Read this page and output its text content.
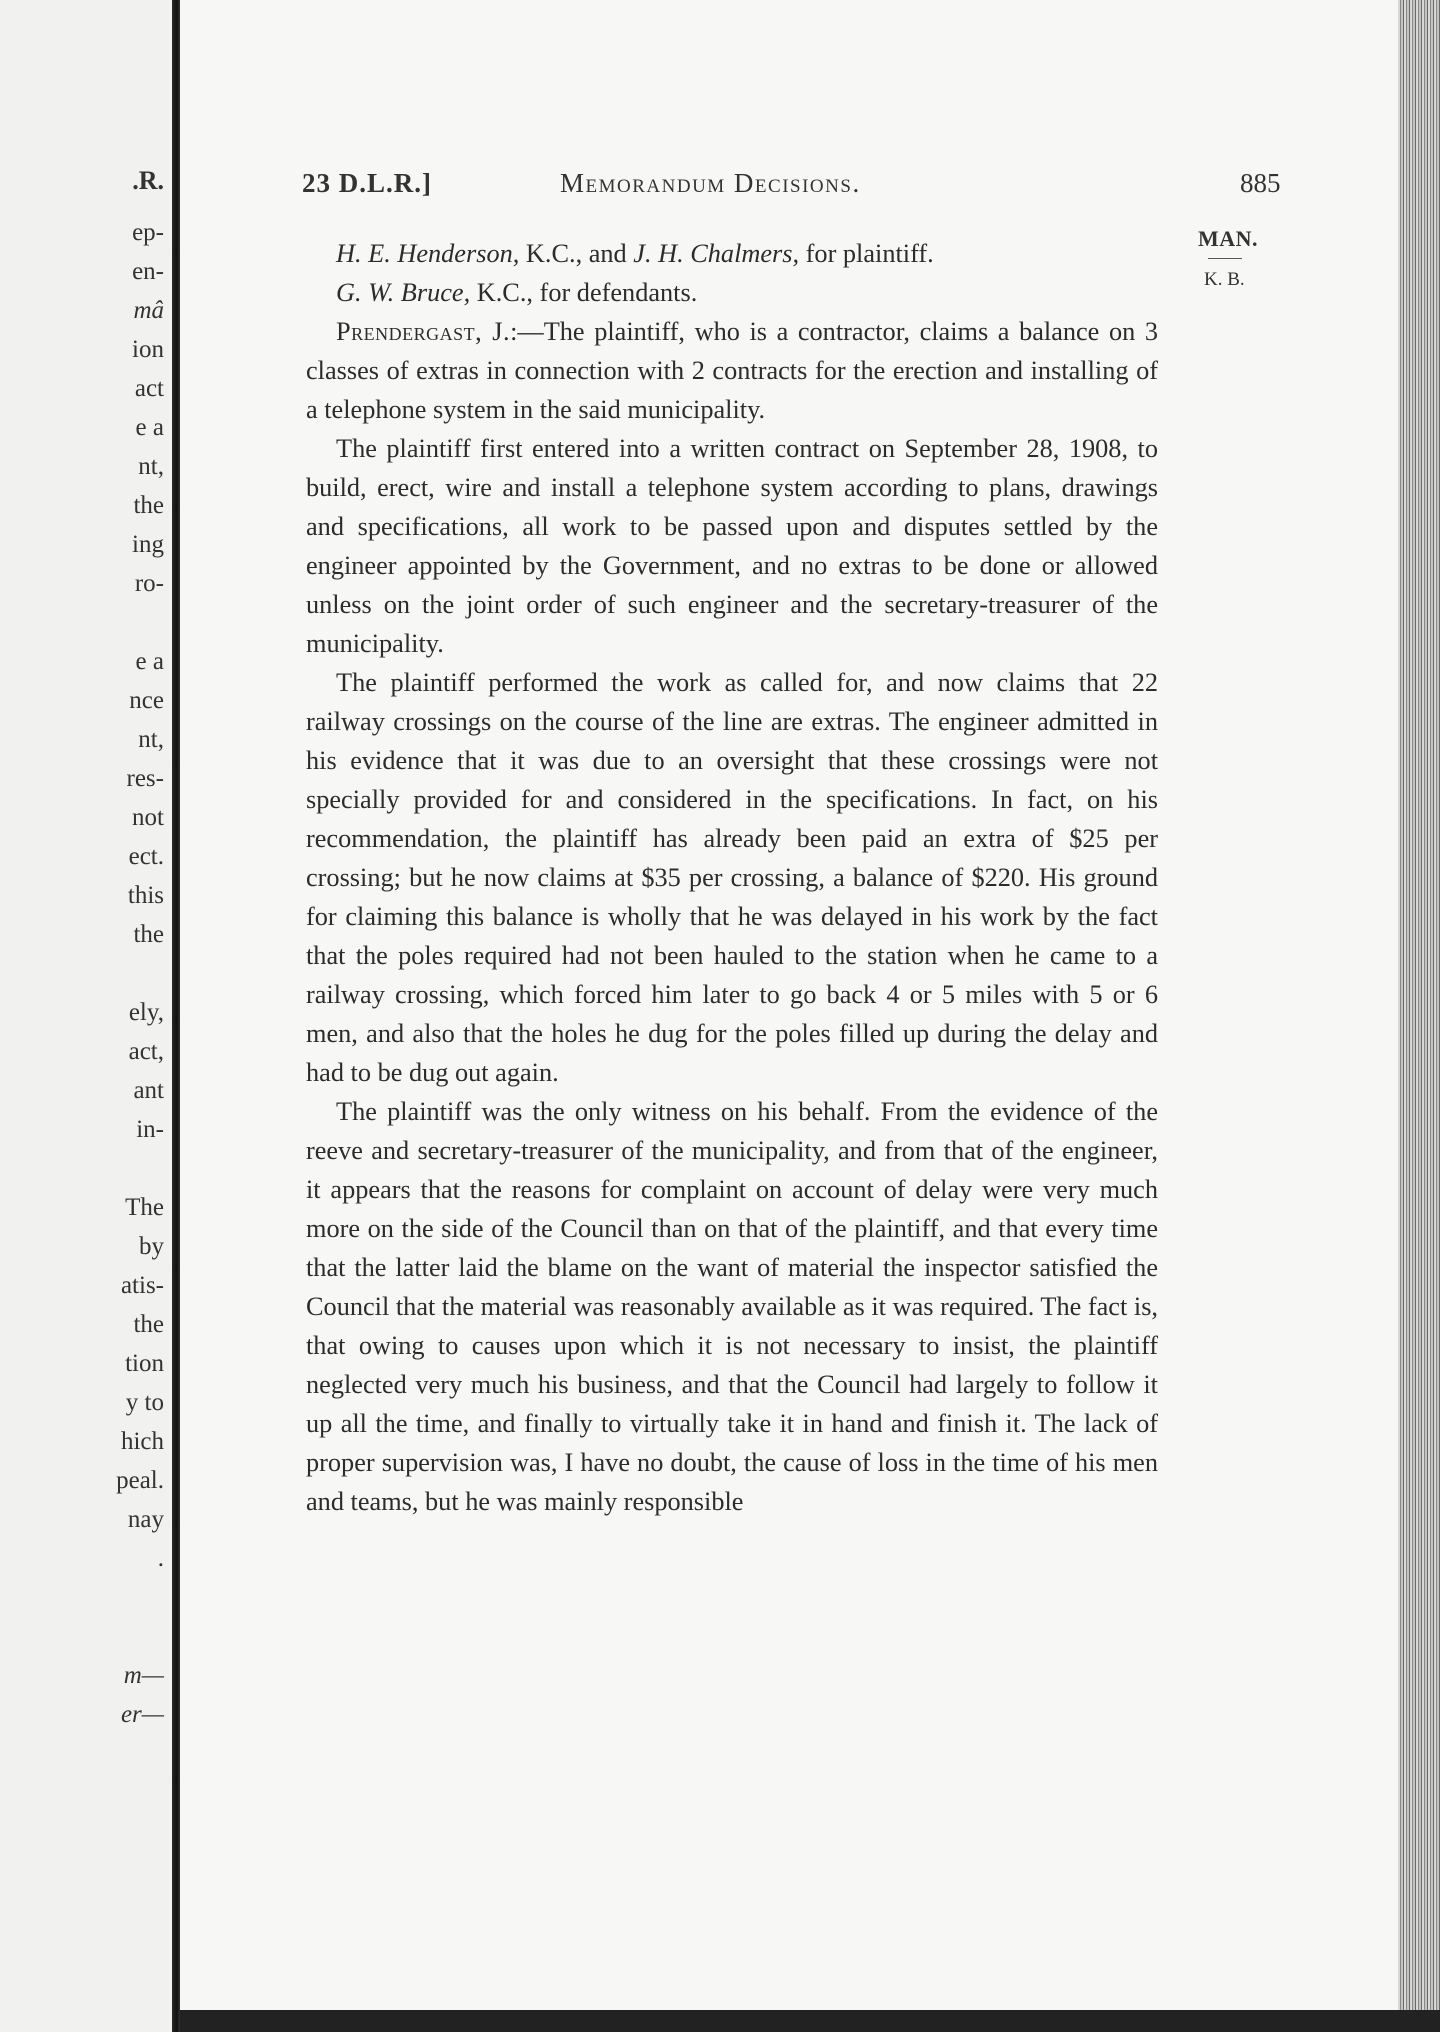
.R.
ep-
en-
mâ
ion
act
e a
nt,
the
ing
ro-
e a
nce
nt,
res-
not
ect.
this
the
ely,
act,
ant
in-
The
by
atis-
the
tion
y to
hich
peal.
nay
.
m—
er—
23 D.L.R.]	Memorandum Decisions.	885
MAN.
K. B.

H. E. Henderson, K.C., and J. H. Chalmers, for plaintiff.

G. W. Bruce, K.C., for defendants.

Prendergast, J.:—The plaintiff, who is a contractor, claims a balance on 3 classes of extras in connection with 2 contracts for the erection and installing of a telephone system in the said municipality.

The plaintiff first entered into a written contract on September 28, 1908, to build, erect, wire and install a telephone system according to plans, drawings and specifications, all work to be passed upon and disputes settled by the engineer appointed by the Government, and no extras to be done or allowed unless on the joint order of such engineer and the secretary-treasurer of the municipality.

The plaintiff performed the work as called for, and now claims that 22 railway crossings on the course of the line are extras. The engineer admitted in his evidence that it was due to an oversight that these crossings were not specially provided for and considered in the specifications. In fact, on his recommendation, the plaintiff has already been paid an extra of $25 per crossing; but he now claims at $35 per crossing, a balance of $220. His ground for claiming this balance is wholly that he was delayed in his work by the fact that the poles required had not been hauled to the station when he came to a railway crossing, which forced him later to go back 4 or 5 miles with 5 or 6 men, and also that the holes he dug for the poles filled up during the delay and had to be dug out again.

The plaintiff was the only witness on his behalf. From the evidence of the reeve and secretary-treasurer of the municipality, and from that of the engineer, it appears that the reasons for complaint on account of delay were very much more on the side of the Council than on that of the plaintiff, and that every time that the latter laid the blame on the want of material the inspector satisfied the Council that the material was reasonably available as it was required. The fact is, that owing to causes upon which it is not necessary to insist, the plaintiff neglected very much his business, and that the Council had largely to follow it up all the time, and finally to virtually take it in hand and finish it. The lack of proper supervision was, I have no doubt, the cause of loss in the time of his men and teams, but he was mainly responsible
